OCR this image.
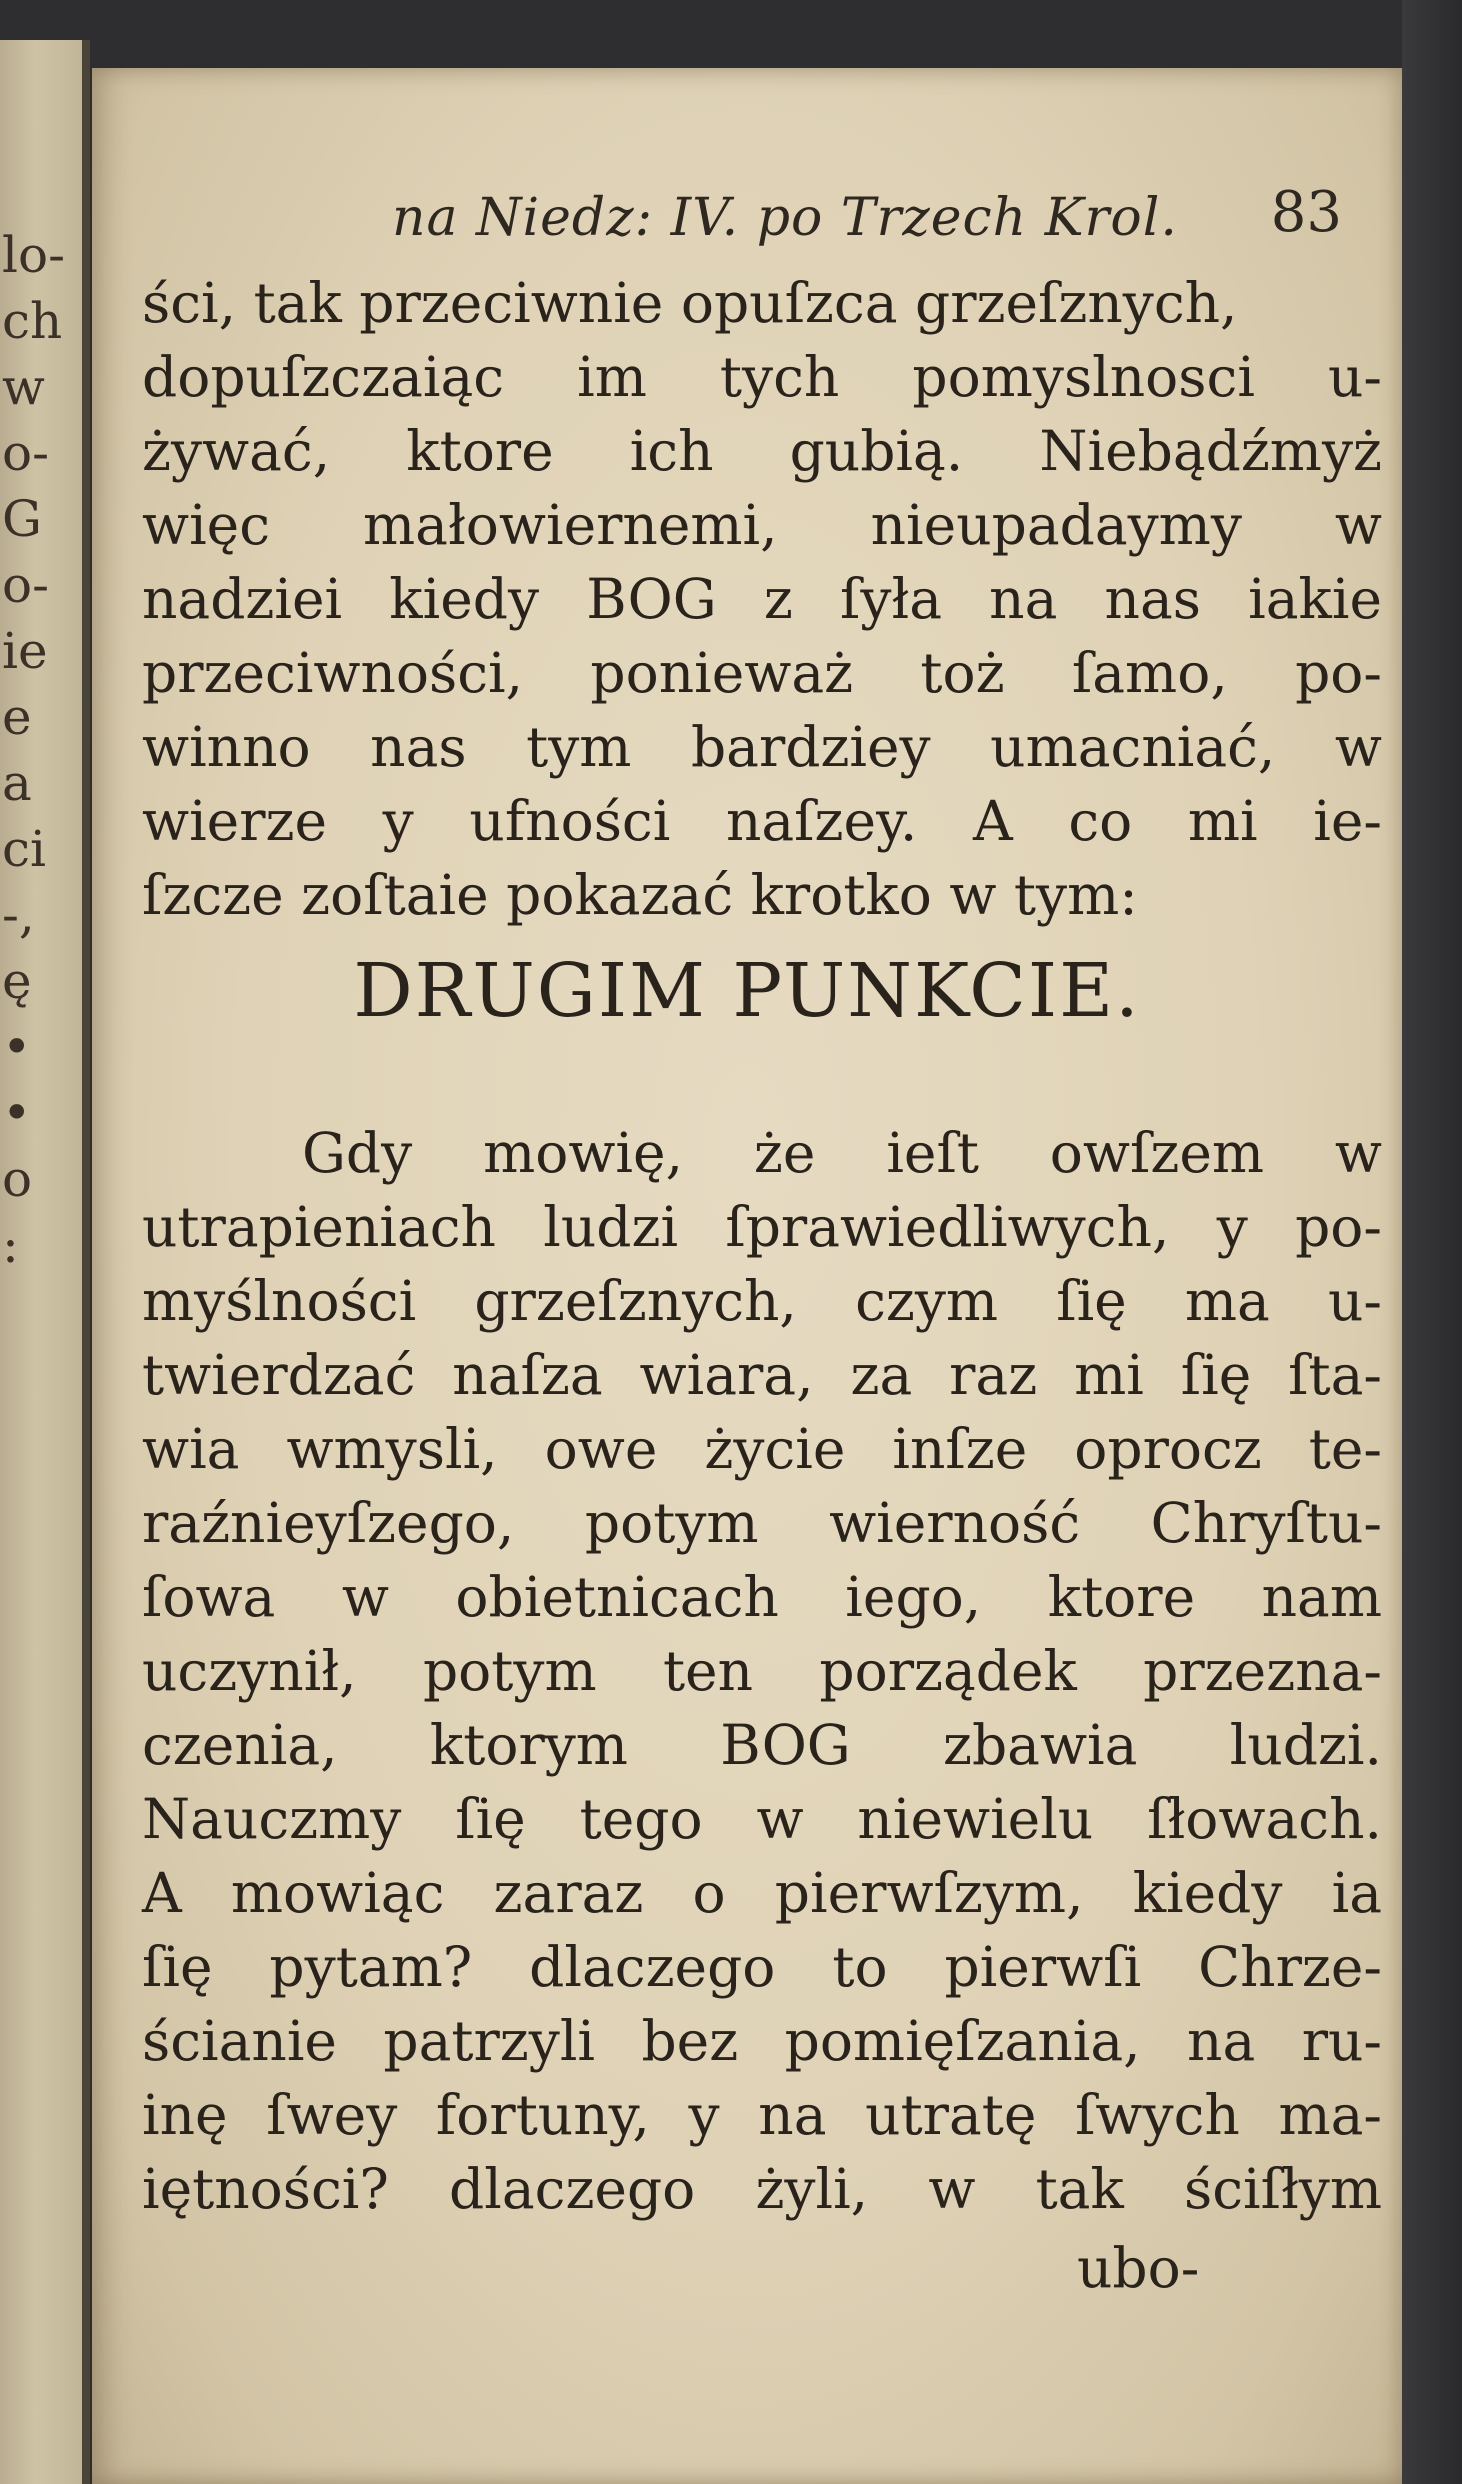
lo-
ch
w
o-
G
o-
ie
e
a
ci
-,
ę
•
•
o
:
na Niedz: IV. po Trzech Krol. 83
ści, tak przeciwnie opuſzca grzeſznych,
dopuſzczaiąc im tych pomyslnosci u-
żywać, ktore ich gubią. Niebądźmyż
więc małowiernemi, nieupadaymy w
nadziei kiedy BOG z ſyła na nas iakie
przeciwności, ponieważ toż ſamo, po-
winno nas tym bardziey umacniać, w
wierze y ufności naſzey. A co mi ie-
ſzcze zoſtaie pokazać krotko w tym:
DRUGIM PUNKCIE.
Gdy mowię, że ieſt owſzem w
utrapieniach ludzi ſprawiedliwych, y po-
myślności grzeſznych, czym ſię ma u-
twierdzać naſza wiara, za raz mi ſię ſta-
wia wmysli, owe życie inſze oprocz te-
raźnieyſzego, potym wierność Chryſtu-
ſowa w obietnicach iego, ktore nam
uczynił, potym ten porządek przezna-
czenia, ktorym BOG zbawia ludzi.
Nauczmy ſię tego w niewielu ſłowach.
A mowiąc zaraz o pierwſzym, kiedy ia
ſię pytam? dlaczego to pierwſi Chrze-
ścianie patrzyli bez pomięſzania, na ru-
inę ſwey fortuny, y na utratę ſwych ma-
iętności? dlaczego żyli, w tak ściſłym
ubo-
